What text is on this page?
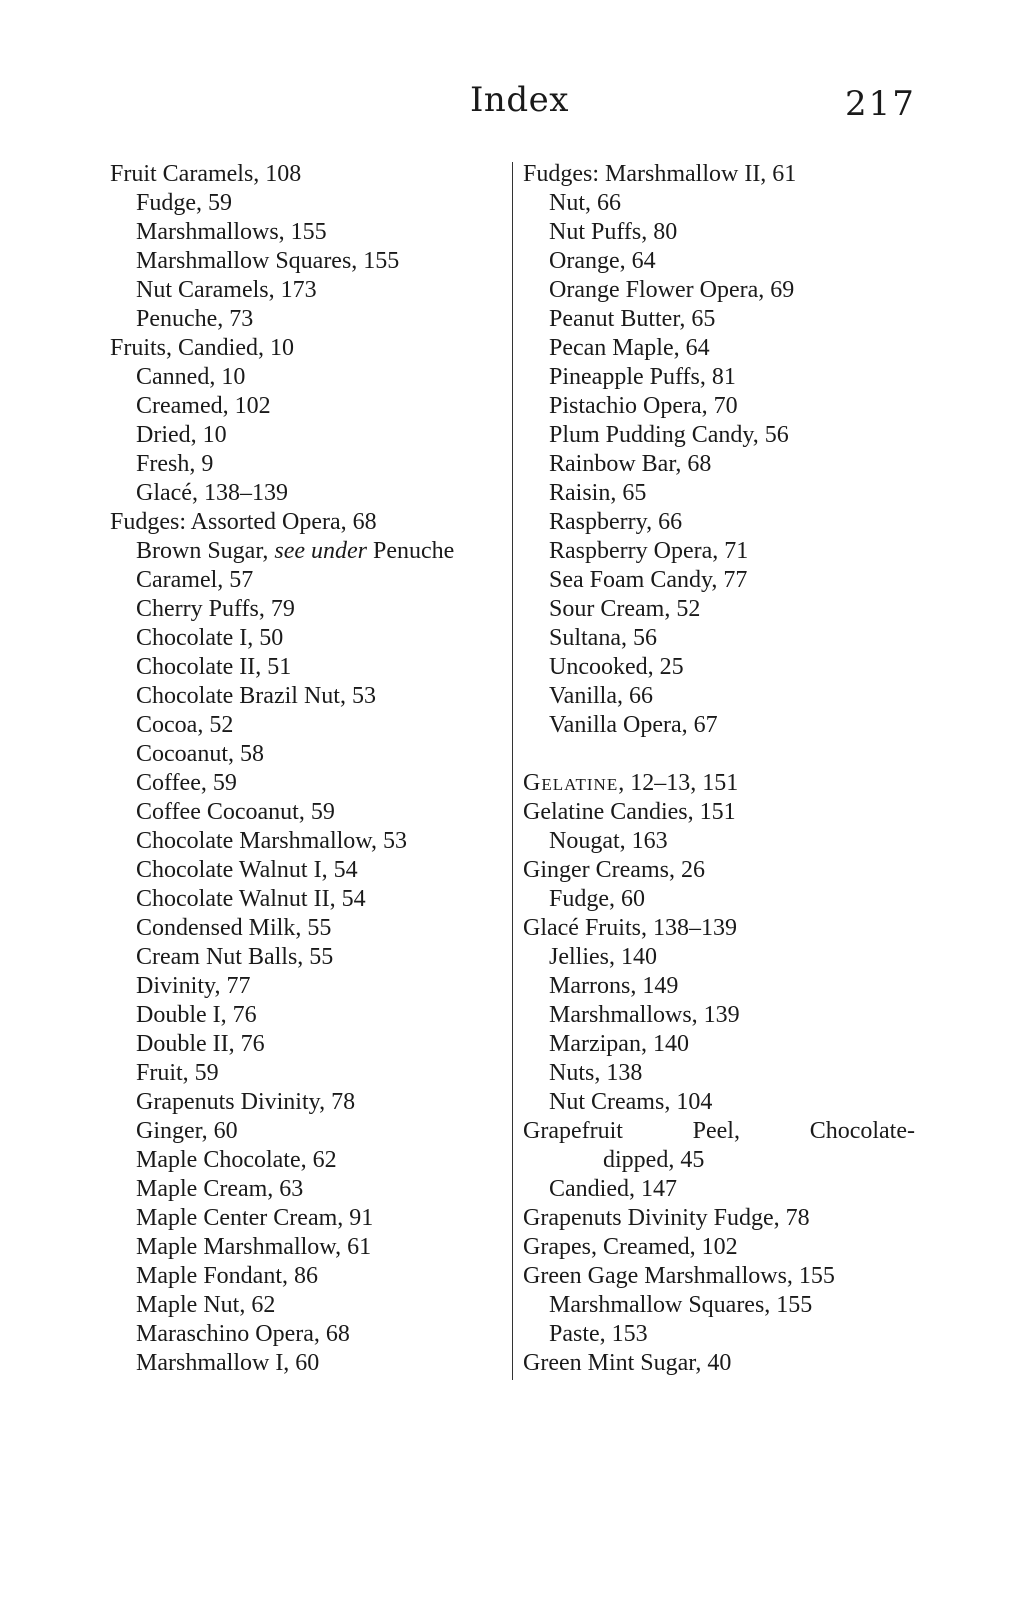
Index	217
Fruit Caramels, 108
Fudge, 59
Marshmallows, 155
Marshmallow Squares, 155
Nut Caramels, 173
Penuche, 73
Fruits, Candied, 10
Canned, 10
Creamed, 102
Dried, 10
Fresh, 9
Glacé, 138–139
Fudges: Assorted Opera, 68
Brown Sugar, see under Penuche
Caramel, 57
Cherry Puffs, 79
Chocolate I, 50
Chocolate II, 51
Chocolate Brazil Nut, 53
Cocoa, 52
Cocoanut, 58
Coffee, 59
Coffee Cocoanut, 59
Chocolate Marshmallow, 53
Chocolate Walnut I, 54
Chocolate Walnut II, 54
Condensed Milk, 55
Cream Nut Balls, 55
Divinity, 77
Double I, 76
Double II, 76
Fruit, 59
Grapenuts Divinity, 78
Ginger, 60
Maple Chocolate, 62
Maple Cream, 63
Maple Center Cream, 91
Maple Marshmallow, 61
Maple Fondant, 86
Maple Nut, 62
Maraschino Opera, 68
Marshmallow I, 60
Fudges: Marshmallow II, 61
Nut, 66
Nut Puffs, 80
Orange, 64
Orange Flower Opera, 69
Peanut Butter, 65
Pecan Maple, 64
Pineapple Puffs, 81
Pistachio Opera, 70
Plum Pudding Candy, 56
Rainbow Bar, 68
Raisin, 65
Raspberry, 66
Raspberry Opera, 71
Sea Foam Candy, 77
Sour Cream, 52
Sultana, 56
Uncooked, 25
Vanilla, 66
Vanilla Opera, 67
Gelatine, 12–13, 151
Gelatine Candies, 151
Nougat, 163
Ginger Creams, 26
Fudge, 60
Glacé Fruits, 138–139
Jellies, 140
Marrons, 149
Marshmallows, 139
Marzipan, 140
Nuts, 138
Nut Creams, 104
Grapefruit	Peel,	Chocolate-
dipped, 45
Candied, 147
Grapenuts Divinity Fudge, 78
Grapes, Creamed, 102
Green Gage Marshmallows, 155
Marshmallow Squares, 155
Paste, 153
Green Mint Sugar, 40
